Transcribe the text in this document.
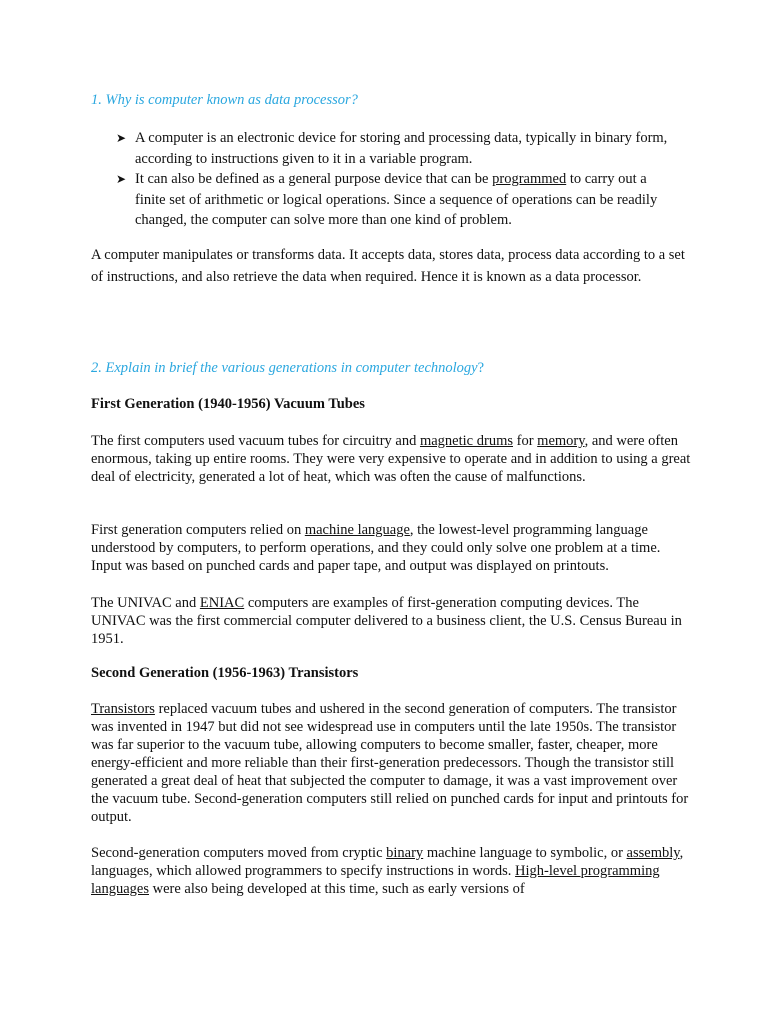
1. Why is computer known as data processor?
➤ A computer is an electronic device for storing and processing data, typically in binary form, according to instructions given to it in a variable program.
➤ It can also be defined as a general purpose device that can be programmed to carry out a finite set of arithmetic or logical operations. Since a sequence of operations can be readily changed, the computer can solve more than one kind of problem.

A computer manipulates or transforms data. It accepts data, stores data, process data according to a set of instructions, and also retrieve the data when required. Hence it is known as a data processor.

2. Explain in brief the various generations in computer technology?
First Generation (1940-1956) Vacuum Tubes

The first computers used vacuum tubes for circuitry and magnetic drums for memory, and were often enormous, taking up entire rooms. They were very expensive to operate and in addition to using a great deal of electricity, generated a lot of heat, which was often the cause of malfunctions.

First generation computers relied on machine language, the lowest-level programming language understood by computers, to perform operations, and they could only solve one problem at a time. Input was based on punched cards and paper tape, and output was displayed on printouts.

The UNIVAC and ENIAC computers are examples of first-generation computing devices. The UNIVAC was the first commercial computer delivered to a business client, the U.S. Census Bureau in 1951.

Second Generation (1956-1963) Transistors

Transistors replaced vacuum tubes and ushered in the second generation of computers. The transistor was invented in 1947 but did not see widespread use in computers until the late 1950s. The transistor was far superior to the vacuum tube, allowing computers to become smaller, faster, cheaper, more energy-efficient and more reliable than their first-generation predecessors. Though the transistor still generated a great deal of heat that subjected the computer to damage, it was a vast improvement over the vacuum tube. Second-generation computers still relied on punched cards for input and printouts for output.

Second-generation computers moved from cryptic binary machine language to symbolic, or assembly, languages, which allowed programmers to specify instructions in words. High-level programming languages were also being developed at this time, such as early versions of
